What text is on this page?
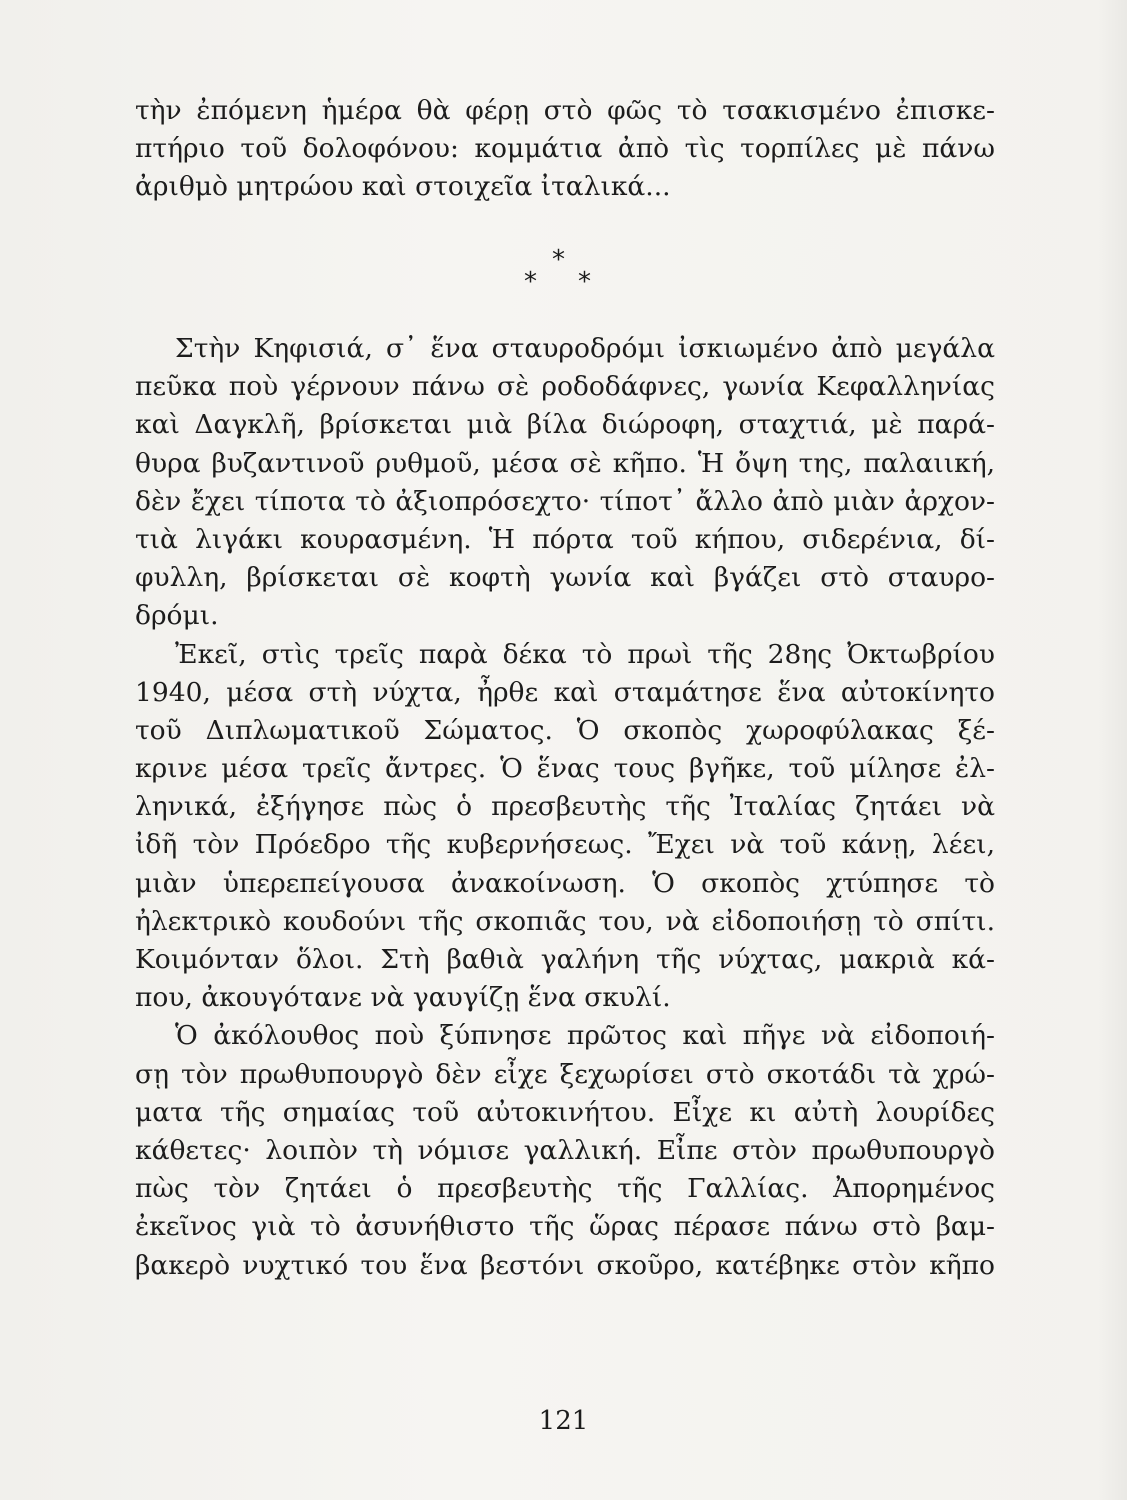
τὴν ἐπόμενη ἡμέρα θὰ φέρῃ στὸ φῶς τὸ τσακισμένο ἐπισκε-
πτήριο τοῦ δολοφόνου: κομμάτια ἀπὸ τὶς τορπίλες μὲ πάνω
ἀριθμὸ μητρώου καὶ στοιχεῖα ἰταλικά...
*
* *
Στὴν Κηφισιά, σ᾽ ἕνα σταυροδρόμι ἰσκιωμένο ἀπὸ μεγάλα
πεῦκα ποὺ γέρνουν πάνω σὲ ροδοδάφνες, γωνία Κεφαλληνίας
καὶ Δαγκλῆ, βρίσκεται μιὰ βίλα διώροφη, σταχτιά, μὲ παρά-
θυρα βυζαντινοῦ ρυθμοῦ, μέσα σὲ κῆπο. Ἡ ὄψη της, παλαιική,
δὲν ἔχει τίποτα τὸ ἀξιοπρόσεχτο· τίποτ᾽ ἄλλο ἀπὸ μιὰν ἀρχον-
τιὰ λιγάκι κουρασμένη. Ἡ πόρτα τοῦ κήπου, σιδερένια, δί-
φυλλη, βρίσκεται σὲ κοφτὴ γωνία καὶ βγάζει στὸ σταυρο-
δρόμι.
Ἐκεῖ, στὶς τρεῖς παρὰ δέκα τὸ πρωὶ τῆς 28ης Ὀκτωβρίου
1940, μέσα στὴ νύχτα, ἦρθε καὶ σταμάτησε ἕνα αὐτοκίνητο
τοῦ Διπλωματικοῦ Σώματος. Ὁ σκοπὸς χωροφύλακας ξέ-
κρινε μέσα τρεῖς ἄντρες. Ὁ ἕνας τους βγῆκε, τοῦ μίλησε ἐλ-
ληνικά, ἐξήγησε πὼς ὁ πρεσβευτὴς τῆς Ἰταλίας ζητάει νὰ
ἰδῆ τὸν Πρόεδρο τῆς κυβερνήσεως. Ἔχει νὰ τοῦ κάνῃ, λέει,
μιὰν ὑπερεπείγουσα ἀνακοίνωση. Ὁ σκοπὸς χτύπησε τὸ
ἠλεκτρικὸ κουδούνι τῆς σκοπιᾶς του, νὰ εἰδοποιήσῃ τὸ σπίτι.
Κοιμόνταν ὅλοι. Στὴ βαθιὰ γαλήνη τῆς νύχτας, μακριὰ κά-
που, ἀκουγότανε νὰ γαυγίζῃ ἕνα σκυλί.
Ὁ ἀκόλουθος ποὺ ξύπνησε πρῶτος καὶ πῆγε νὰ εἰδοποιή-
σῃ τὸν πρωθυπουργὸ δὲν εἶχε ξεχωρίσει στὸ σκοτάδι τὰ χρώ-
ματα τῆς σημαίας τοῦ αὐτοκινήτου. Εἶχε κι αὐτὴ λουρίδες
κάθετες· λοιπὸν τὴ νόμισε γαλλική. Εἶπε στὸν πρωθυπουργὸ
πὼς τὸν ζητάει ὁ πρεσβευτὴς τῆς Γαλλίας. Ἀπορημένος
ἐκεῖνος γιὰ τὸ ἀσυνήθιστο τῆς ὥρας πέρασε πάνω στὸ βαμ-
βακερὸ νυχτικό του ἕνα βεστόνι σκοῦρο, κατέβηκε στὸν κῆπο
121
